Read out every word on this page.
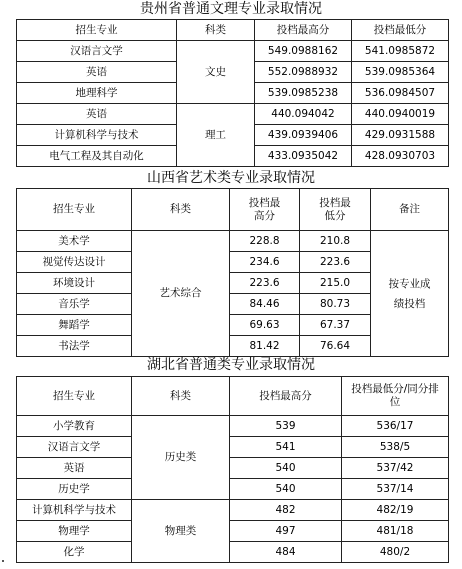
贵州省普通文理专业录取情况
招生专业	科类	投档最高分	投档最低分
汉语言文学	文史	549.0988162	541.0985872
英语		552.0988932	539.0985364
地理科学		539.0985238	536.0984507
英语	理工	440.094042	440.0940019
计算机科学与技术		439.0939406	429.0931588
电气工程及其自动化		433.0935042	428.0930703
山西省艺术类专业录取情况
招生专业	科类	投档最高分	投档最低分	备注
美术学	艺术综合	228.8	210.8	按专业成绩投档
视觉传达设计		234.6	223.6	
环境设计		223.6	215.0	
音乐学		84.46	80.73	
舞蹈学		69.63	67.37	
书法学		81.42	76.64	
湖北省普通类专业录取情况
招生专业	科类	投档最高分	投档最低分/同分排位
小学教育	历史类	539	536/17
汉语言文学		541	538/5
英语		540	537/42
历史学		540	537/14
计算机科学与技术	物理类	482	482/19
物理学		497	481/18
化学		484	480/2
